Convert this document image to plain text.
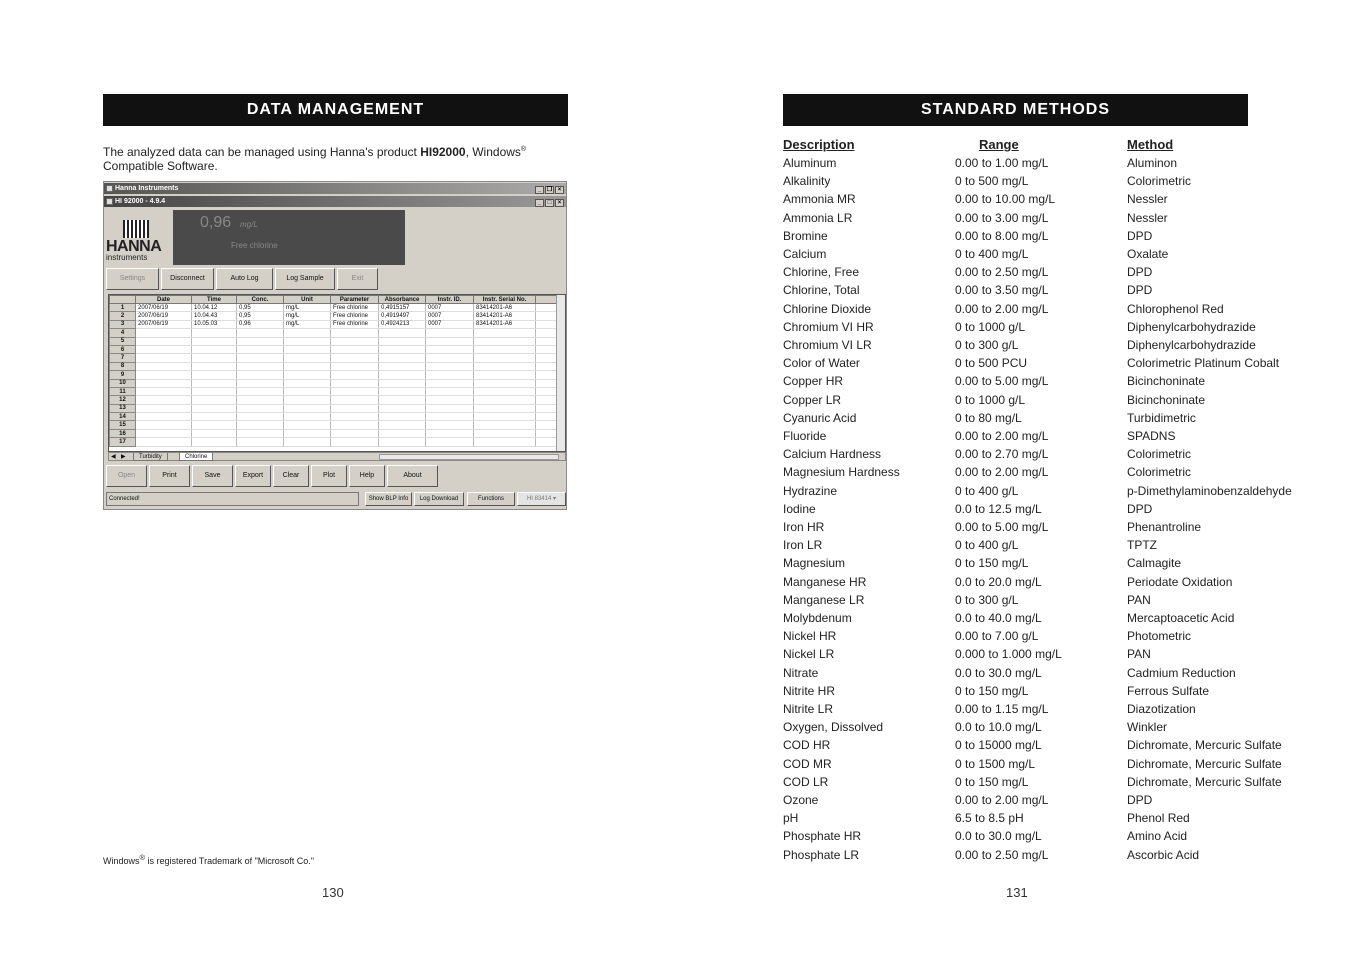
DATA MANAGEMENT
The analyzed data can be managed using Hanna's product HI92000, Windows® Compatible Software.
Hanna Instruments	_ ❐ ×
HI 92000 - 4.9.4	_ □ ×
HANNA
instruments
0,96 mg/L
Free chlorine
Settings	Disconnect	Auto Log	Log Sample	Exit
	Date	Time	Conc.	Unit	Parameter	Absorbance	Instr. ID.	Instr. Serial No.	
1	2007/06/19	10.04.12	0,95	mg/L	Free chlorine	0,4915157	0007	83414201-A6	
2	2007/06/19	10.04.43	0,95	mg/L	Free chlorine	0,4919497	0007	83414201-A6	
3	2007/06/19	10.05.03	0,96	mg/L	Free chlorine	0,4924213	0007	83414201-A6	
4									
5									
6									
7									
8									
9									
10									
11									
12									
13									
14									
15									
16									
17									
◀ ▶	Turbidity	Chlorine
Open	Print	Save	Export	Clear	Plot	Help	About
Connected!	Show BLP Info	Log Download	Functions	HI 83414 ▾
Windows® is registered Trademark of "Microsoft Co."
130
STANDARD METHODS
Description	Range	Method
Aluminum	0.00 to 1.00 mg/L	Aluminon
Alkalinity	0 to 500 mg/L	Colorimetric
Ammonia MR	0.00 to 10.00 mg/L	Nessler
Ammonia LR	0.00 to 3.00 mg/L	Nessler
Bromine	0.00 to 8.00 mg/L	DPD
Calcium	0 to 400 mg/L	Oxalate
Chlorine, Free	0.00 to 2.50 mg/L	DPD
Chlorine, Total	0.00 to 3.50 mg/L	DPD
Chlorine Dioxide	0.00 to 2.00 mg/L	Chlorophenol Red
Chromium VI HR	0 to 1000 g/L	Diphenylcarbohydrazide
Chromium VI LR	0 to 300 g/L	Diphenylcarbohydrazide
Color of Water	0 to 500 PCU	Colorimetric Platinum Cobalt
Copper HR	0.00 to 5.00 mg/L	Bicinchoninate
Copper LR	0 to 1000 g/L	Bicinchoninate
Cyanuric Acid	0 to 80 mg/L	Turbidimetric
Fluoride	0.00 to 2.00 mg/L	SPADNS
Calcium Hardness	0.00 to 2.70 mg/L	Colorimetric
Magnesium Hardness	0.00 to 2.00 mg/L	Colorimetric
Hydrazine	0 to 400 g/L	p-Dimethylaminobenzaldehyde
Iodine	0.0 to 12.5 mg/L	DPD
Iron HR	0.00 to 5.00 mg/L	Phenantroline
Iron LR	0 to 400 g/L	TPTZ
Magnesium	0 to 150 mg/L	Calmagite
Manganese HR	0.0 to 20.0 mg/L	Periodate Oxidation
Manganese LR	0 to 300 g/L	PAN
Molybdenum	0.0 to 40.0 mg/L	Mercaptoacetic Acid
Nickel HR	0.00 to 7.00 g/L	Photometric
Nickel LR	0.000 to 1.000 mg/L	PAN
Nitrate	0.0 to 30.0 mg/L	Cadmium Reduction
Nitrite HR	0 to 150 mg/L	Ferrous Sulfate
Nitrite LR	0.00 to 1.15 mg/L	Diazotization
Oxygen, Dissolved	0.0 to 10.0 mg/L	Winkler
COD HR	0 to 15000 mg/L	Dichromate, Mercuric Sulfate
COD MR	0 to 1500 mg/L	Dichromate, Mercuric Sulfate
COD LR	0 to 150 mg/L	Dichromate, Mercuric Sulfate
Ozone	0.00 to 2.00 mg/L	DPD
pH	6.5 to 8.5 pH	Phenol Red
Phosphate HR	0.0 to 30.0 mg/L	Amino Acid
Phosphate LR	0.00 to 2.50 mg/L	Ascorbic Acid
131
